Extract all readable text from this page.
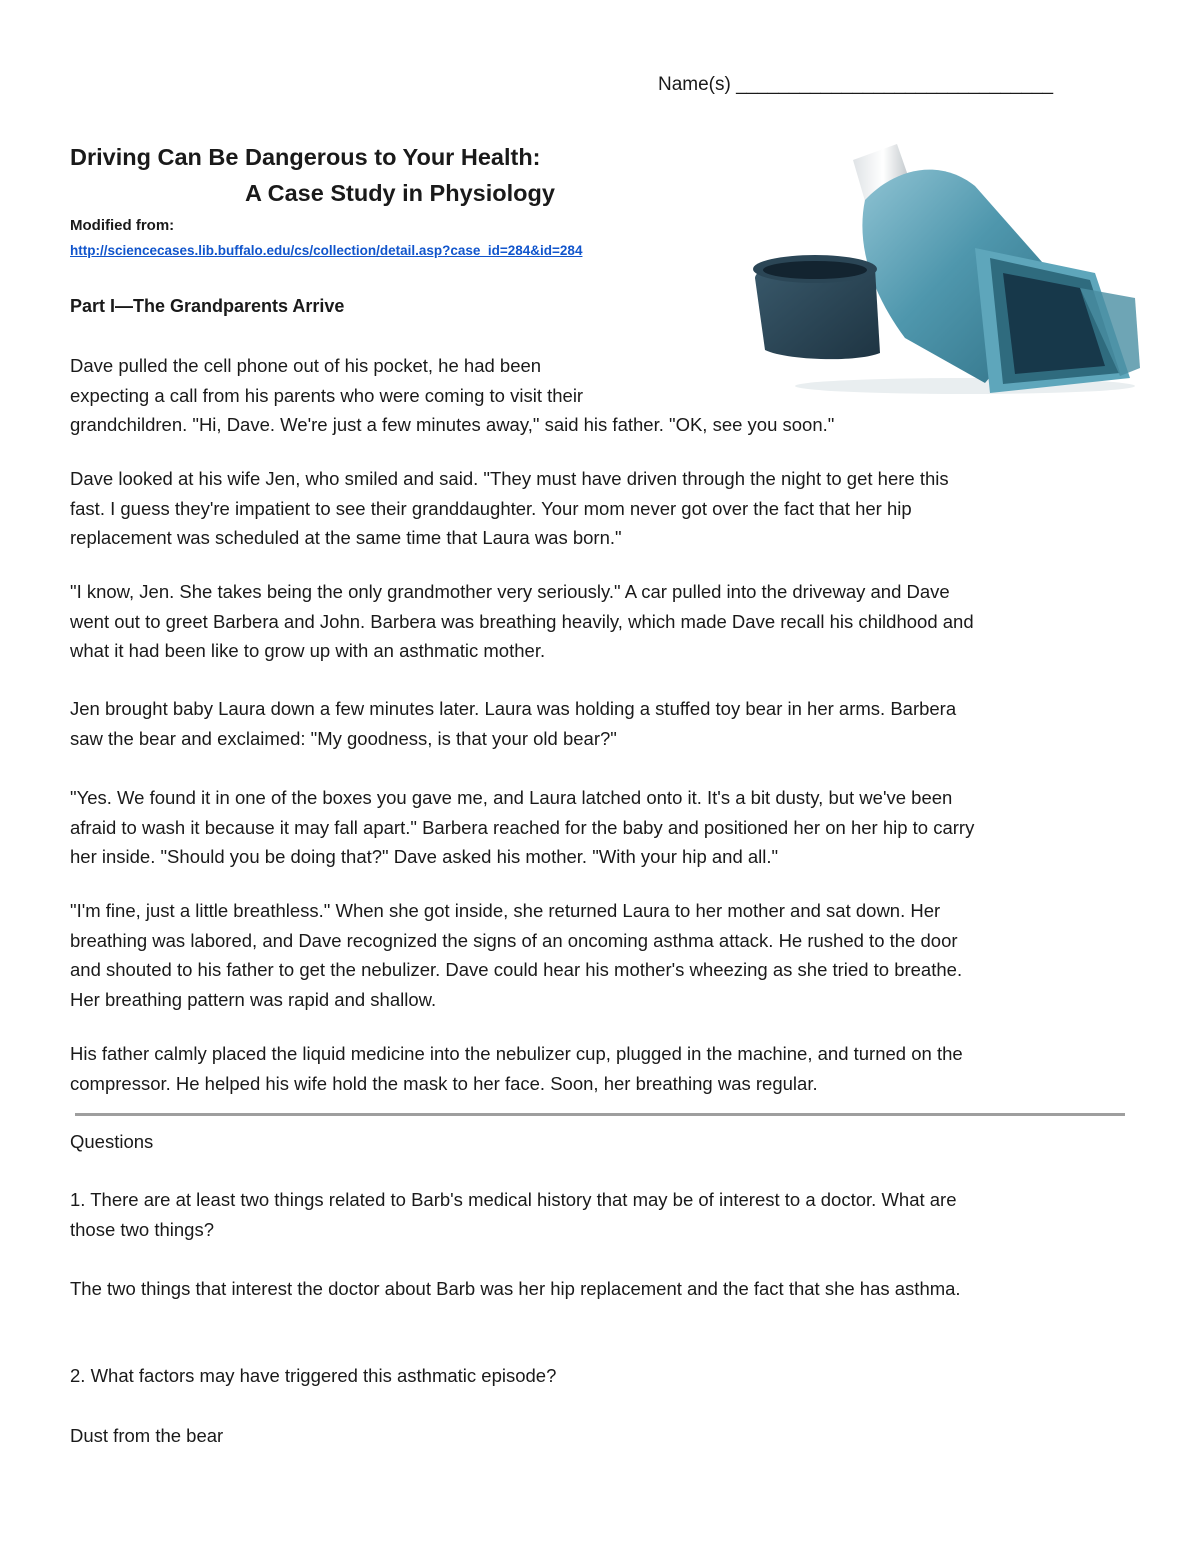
Name(s) ______________________________
Driving Can Be Dangerous to Your Health:
A Case Study in Physiology
Modified from:
http://sciencecases.lib.buffalo.edu/cs/collection/detail.asp?case_id=284&id=284
Part I—The Grandparents Arrive
Dave pulled the cell phone out of his pocket, he had been
expecting a call from his parents who were coming to visit their
grandchildren. "Hi, Dave. We're just a few minutes away," said his father. "OK, see you soon."
Dave looked at his wife Jen, who smiled and said. "They must have driven through the night to get here this
fast. I guess they're impatient to see their granddaughter. Your mom never got over the fact that her hip
replacement was scheduled at the same time that Laura was born."
"I know, Jen. She takes being the only grandmother very seriously." A car pulled into the driveway and Dave
went out to greet Barbera and John. Barbera was breathing heavily, which made Dave recall his childhood and
what it had been like to grow up with an asthmatic mother.
Jen brought baby Laura down a few minutes later. Laura was holding a stuffed toy bear in her arms. Barbera
saw the bear and exclaimed: "My goodness, is that your old bear?"
"Yes. We found it in one of the boxes you gave me, and Laura latched onto it. It's a bit dusty, but we've been
afraid to wash it because it may fall apart." Barbera reached for the baby and positioned her on her hip to carry
her inside. "Should you be doing that?" Dave asked his mother. "With your hip and all."
"I'm fine, just a little breathless." When she got inside, she returned Laura to her mother and sat down. Her
breathing was labored, and Dave recognized the signs of an oncoming asthma attack. He rushed to the door
and shouted to his father to get the nebulizer. Dave could hear his mother's wheezing as she tried to breathe.
Her breathing pattern was rapid and shallow.
His father calmly placed the liquid medicine into the nebulizer cup, plugged in the machine, and turned on the
compressor. He helped his wife hold the mask to her face. Soon, her breathing was regular.
Questions
1. There are at least two things related to Barb's medical history that may be of interest to a doctor. What are
those two things?
The two things that interest the doctor about Barb was her hip replacement and the fact that she has asthma.
2. What factors may have triggered this asthmatic episode?
Dust from the bear
